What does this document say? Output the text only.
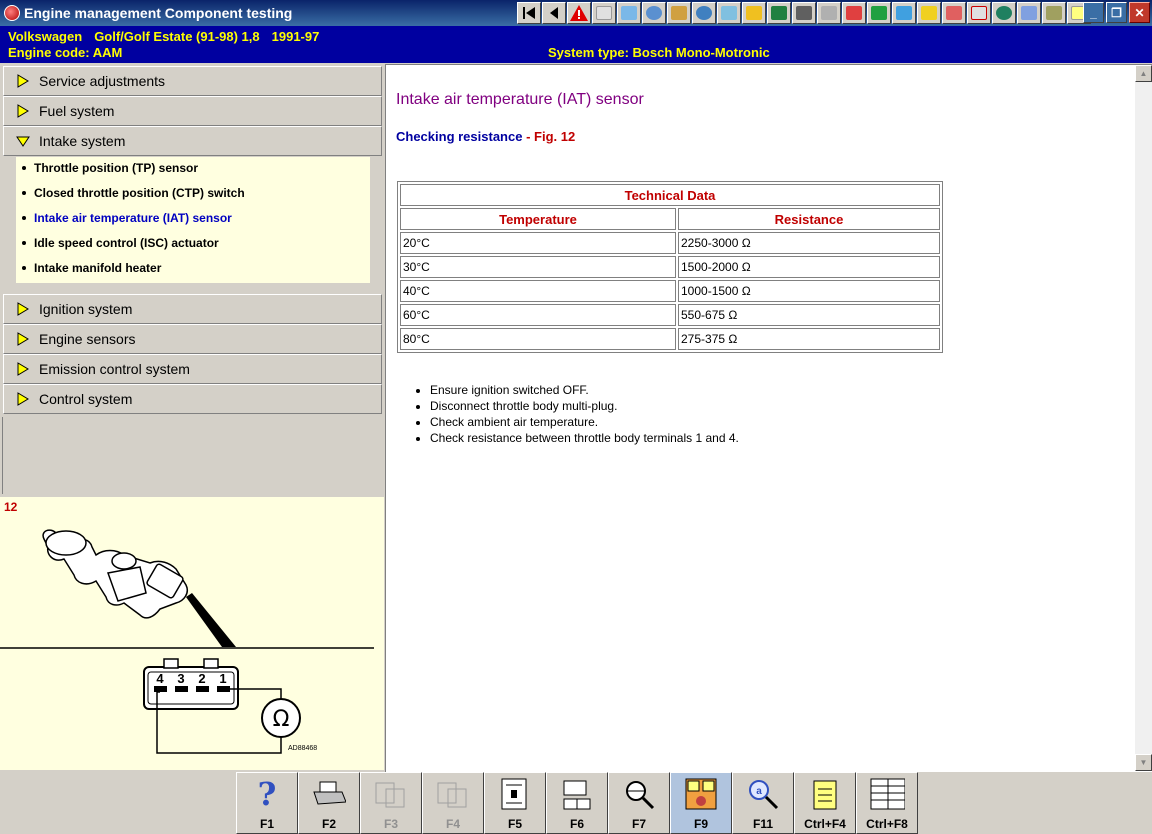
Engine management Component testing	_ ❐ ✕
Volkswagen Golf/Golf Estate (91-98) 1,8 1991-97
Engine code: AAM	System type: Bosch Mono-Motronic
Service adjustments
Fuel system
Intake system
Throttle position (TP) sensor
Closed throttle position (CTP) switch
Intake air temperature (IAT) sensor
Idle speed control (ISC) actuator
Intake manifold heater
Ignition system
Engine sensors
Emission control system
Control system
12
4 3 2 1
Ω
AD88468
Intake air temperature (IAT) sensor
Checking resistance - Fig. 12
Technical Data	
Temperature	Resistance
20°C	2250-3000 Ω
30°C	1500-2000 Ω
40°C	1000-1500 Ω
60°C	550-675 Ω
80°C	275-375 Ω
• Ensure ignition switched OFF.
• Disconnect throttle body multi-plug.
• Check ambient air temperature.
• Check resistance between throttle body terminals 1 and 4.
▲
▼
?
F1	F2	F3	F4	F5	F6	F7	F9
a
F11	Ctrl+F4 Ctrl+F8
